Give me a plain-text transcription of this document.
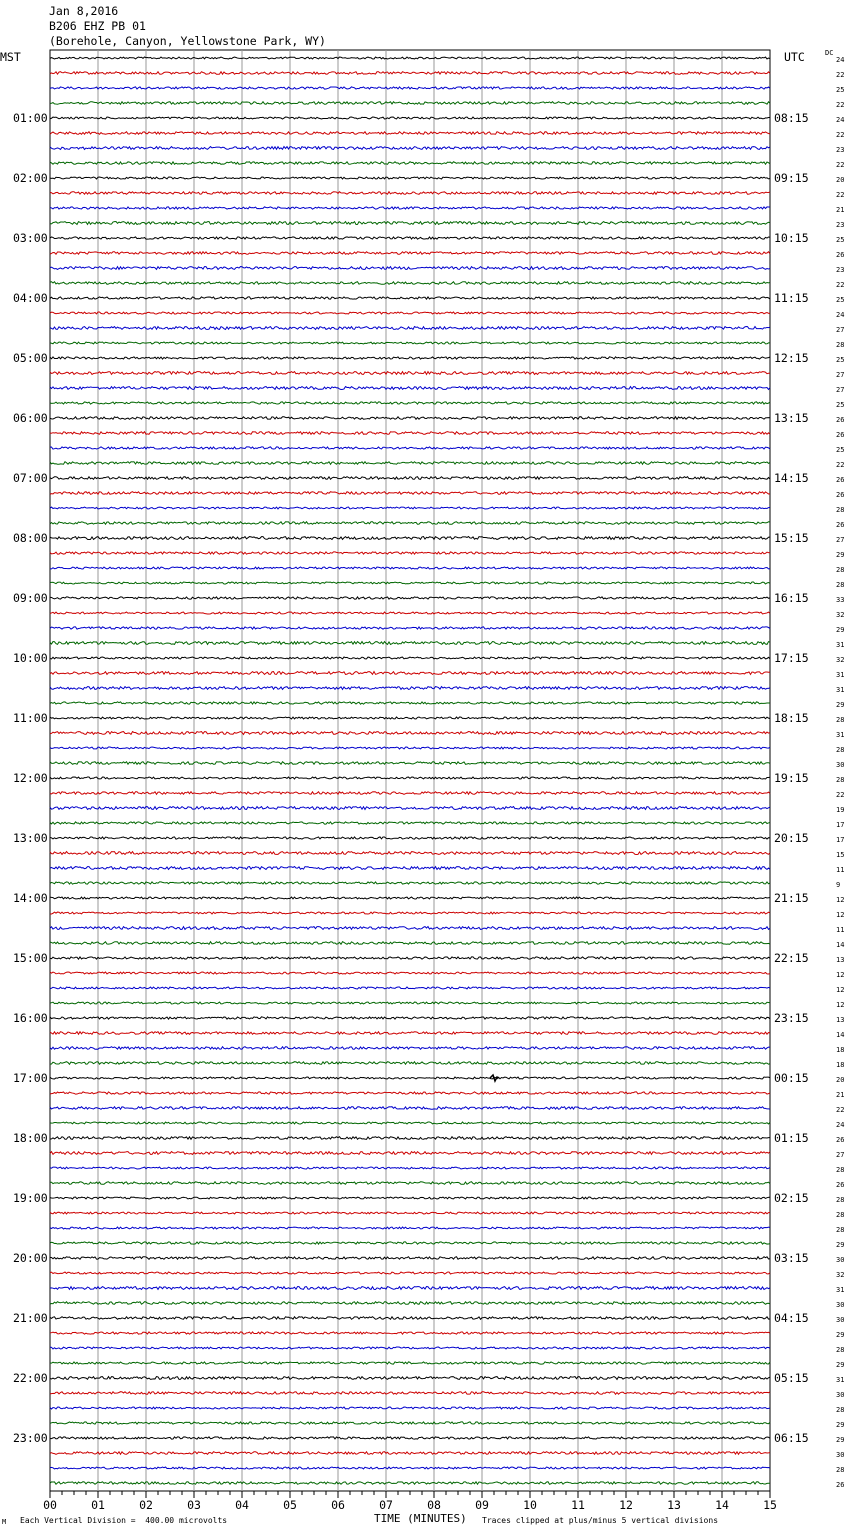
Jan 8,2016
B206 EHZ PB 01
(Borehole, Canyon, Yellowstone Park, WY)
MST	UTC	DC
24
22
25
22
24
22
23
22
20
22
21
23
25
26
23
22
25
24
27
28
25
27
27
25
26
26
25
22
26
26
28
26
27
29
28
28
33
32
29
31
32
31
31
29
28
31
28
30
28
22
19
17
17
15
11
9
12
12
11
14
13
12
12
12
13
14
18
18
20
21
22
24
26
27
28
26
28
28
28
29
30
32
31
30
30
29
28
29
31
30
28
29
29
30
28
26
01:00	08:15
02:00	09:15
03:00	10:15
04:00	11:15
05:00	12:15
06:00	13:15
07:00	14:15
08:00	15:15
09:00	16:15
10:00	17:15
11:00	18:15
12:00	19:15
13:00	20:15
14:00	21:15
15:00	22:15
16:00	23:15
17:00	00:15
18:00	01:15
19:00	02:15
20:00	03:15
21:00	04:15
22:00	05:15
23:00	06:15
00	01	02	03	04	05	06	07	08	09	10	11	12	13	14	15
M Each Vertical Division =  400.00 microvolts	TIME (MINUTES) Traces clipped at plus/minus 5 vertical divisions
